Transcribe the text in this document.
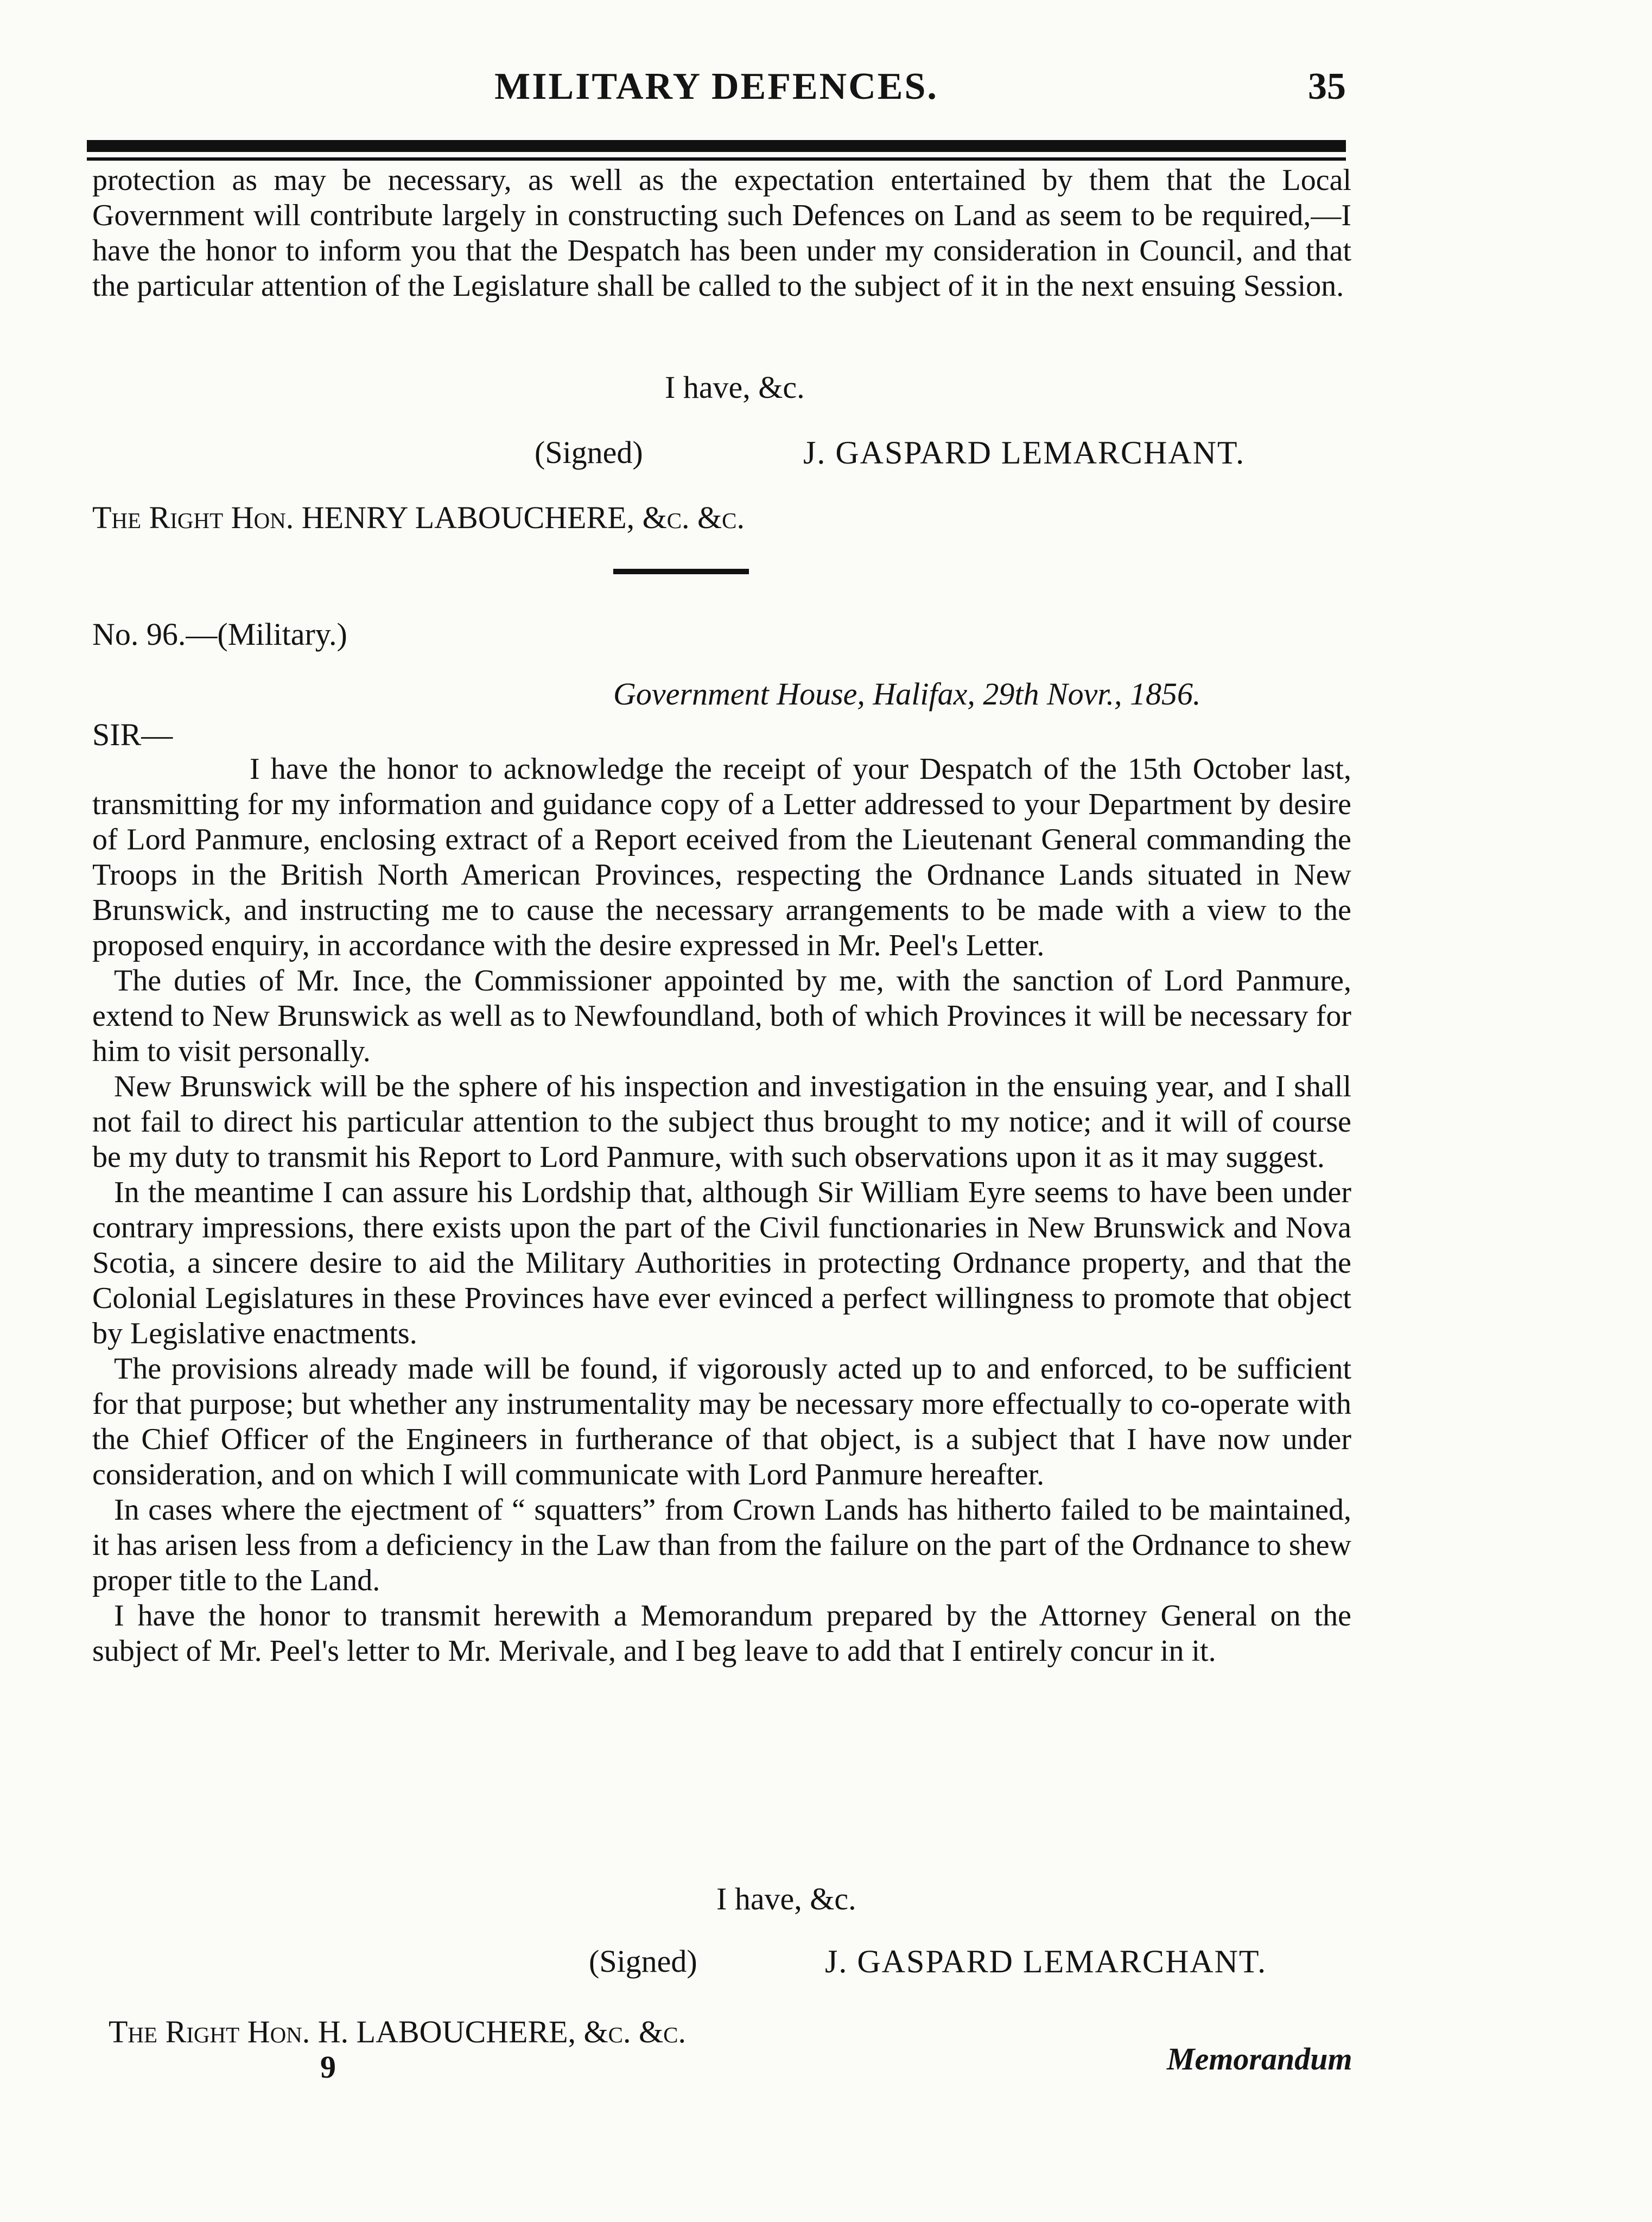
MILITARY DEFENCES.	35

protection as may be necessary, as well as the expectation entertained by them that the Local Government will contribute largely in constructing such Defences on Land as seem to be required,—I have the honor to inform you that the Despatch has been under my consideration in Council, and that the particular attention of the Legislature shall be called to the subject of it in the next ensuing Session.

I have, &c.
(Signed)	J. GASPARD LEMARCHANT.
The Right Hon. HENRY LABOUCHERE, &c. &c.
No. 96.—(Military.)
Government House, Halifax, 29th Novr., 1856.
SIR—

I have the honor to acknowledge the receipt of your Despatch of the 15th October last, transmitting for my information and guidance copy of a Letter addressed to your Department by desire of Lord Panmure, enclosing extract of a Report eceived from the Lieutenant General commanding the Troops in the British North American Provinces, respecting the Ordnance Lands situated in New Brunswick, and instructing me to cause the necessary arrangements to be made with a view to the proposed enquiry, in accordance with the desire expressed in Mr. Peel's Letter.

The duties of Mr. Ince, the Commissioner appointed by me, with the sanction of Lord Panmure, extend to New Brunswick as well as to Newfoundland, both of which Provinces it will be necessary for him to visit personally.

New Brunswick will be the sphere of his inspection and investigation in the ensuing year, and I shall not fail to direct his particular attention to the subject thus brought to my notice; and it will of course be my duty to transmit his Report to Lord Panmure, with such observations upon it as it may suggest.

In the meantime I can assure his Lordship that, although Sir William Eyre seems to have been under contrary impressions, there exists upon the part of the Civil functionaries in New Brunswick and Nova Scotia, a sincere desire to aid the Military Authorities in protecting Ordnance property, and that the Colonial Legislatures in these Provinces have ever evinced a perfect willingness to promote that object by Legislative enactments.

The provisions already made will be found, if vigorously acted up to and enforced, to be sufficient for that purpose; but whether any instrumentality may be necessary more effectually to co-operate with the Chief Officer of the Engineers in furtherance of that object, is a subject that I have now under consideration, and on which I will communicate with Lord Panmure hereafter.

In cases where the ejectment of “ squatters” from Crown Lands has hitherto failed to be maintained, it has arisen less from a deficiency in the Law than from the failure on the part of the Ordnance to shew proper title to the Land.

I have the honor to transmit herewith a Memorandum prepared by the Attorney General on the subject of Mr. Peel's letter to Mr. Merivale, and I beg leave to add that I entirely concur in it.

I have, &c.
(Signed)	J. GASPARD LEMARCHANT.
The Right Hon. H. LABOUCHERE, &c. &c.
9	Memorandum
